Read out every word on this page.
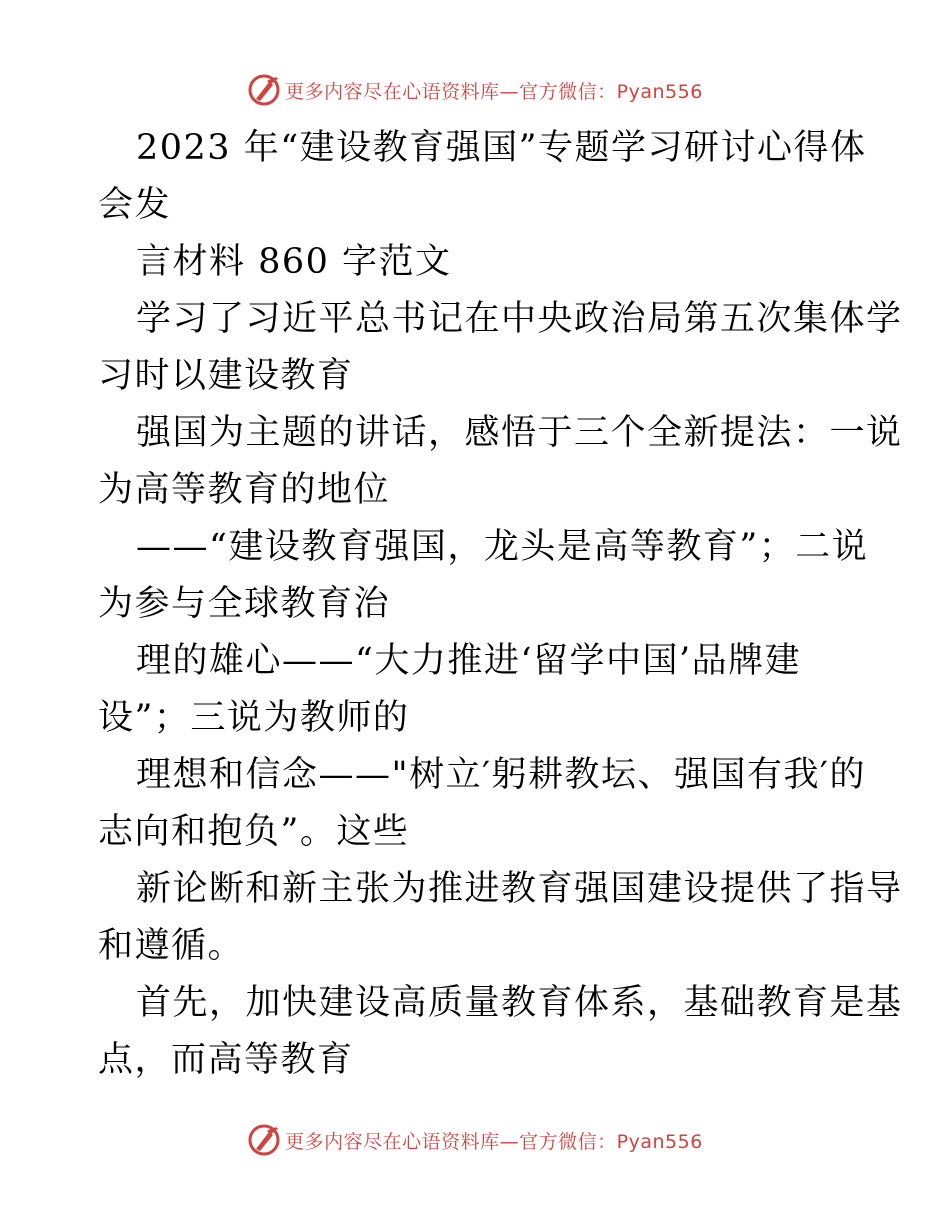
更多内容尽在心语资料库—官方微信：Pyan556
2023 年“建设教育强国”专题学习研讨心得体
会发
言材料 860 字范文
学习了习近平总书记在中央政治局第五次集体学
习时以建设教育
强国为主题的讲话，感悟于三个全新提法：一说
为高等教育的地位
——“建设教育强国，龙头是高等教育”；二说
为参与全球教育治
理的雄心——“大力推进‘留学中国’品牌建
设”；三说为教师的
理想和信念——"树立′躬耕教坛、强国有我′的
志向和抱负”。这些
新论断和新主张为推进教育强国建设提供了指导
和遵循。
首先，加快建设高质量教育体系，基础教育是基
点，而高等教育
更多内容尽在心语资料库—官方微信：Pyan556
